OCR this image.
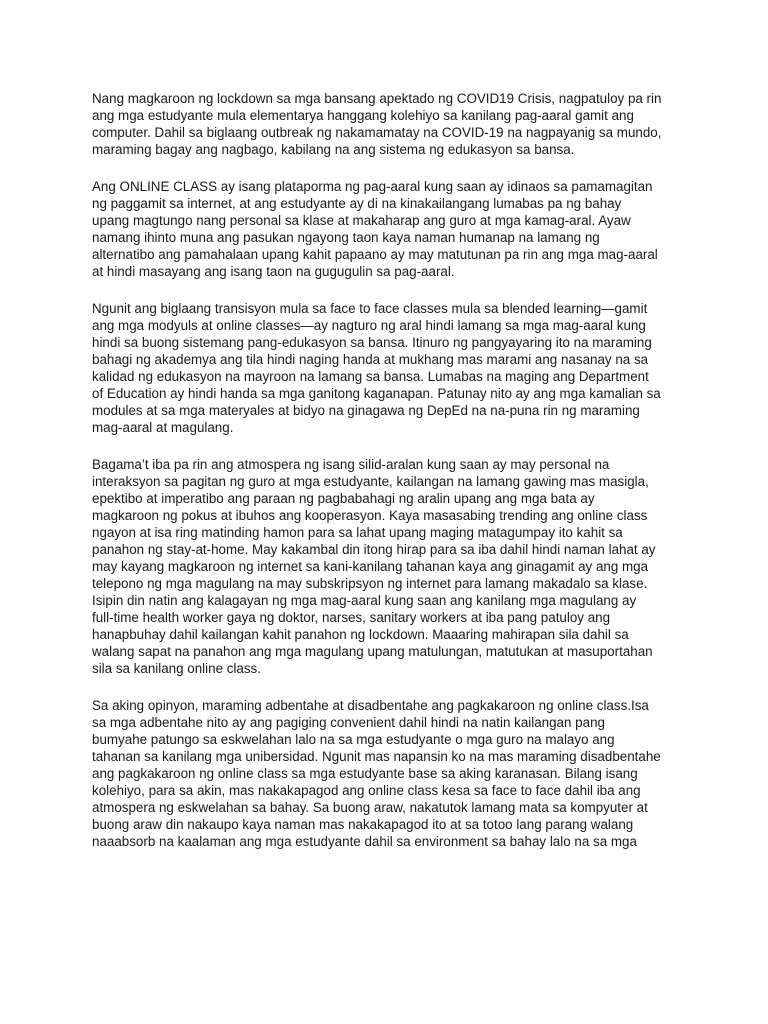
Nang magkaroon ng lockdown sa mga bansang apektado ng COVID19 Crisis, nagpatuloy pa rin
ang mga estudyante mula elementarya hanggang kolehiyo sa kanilang pag-aaral gamit ang
computer. Dahil sa biglaang outbreak ng nakamamatay na COVID-19 na nagpayanig sa mundo,
maraming bagay ang nagbago, kabilang na ang sistema ng edukasyon sa bansa.
Ang ONLINE CLASS ay isang plataporma ng pag-aaral kung saan ay idinaos sa pamamagitan
ng paggamit sa internet, at ang estudyante ay di na kinakailangang lumabas pa ng bahay
upang magtungo nang personal sa klase at makaharap ang guro at mga kamag-aral. Ayaw
namang ihinto muna ang pasukan ngayong taon kaya naman humanap na lamang ng
alternatibo ang pamahalaan upang kahit papaano ay may matutunan pa rin ang mga mag-aaral
at hindi masayang ang isang taon na gugugulin sa pag-aaral.
Ngunit ang biglaang transisyon mula sa face to face classes mula sa blended learning—gamit
ang mga modyuls at online classes—ay nagturo ng aral hindi lamang sa mga mag-aaral kung
hindi sa buong sistemang pang-edukasyon sa bansa. Itinuro ng pangyayaring ito na maraming
bahagi ng akademya ang tila hindi naging handa at mukhang mas marami ang nasanay na sa
kalidad ng edukasyon na mayroon na lamang sa bansa. Lumabas na maging ang Department
of Education ay hindi handa sa mga ganitong kaganapan. Patunay nito ay ang mga kamalian sa
modules at sa mga materyales at bidyo na ginagawa ng DepEd na na-puna rin ng maraming
mag-aaral at magulang.
Bagama’t iba pa rin ang atmospera ng isang silid-aralan kung saan ay may personal na
interaksyon sa pagitan ng guro at mga estudyante, kailangan na lamang gawing mas masigla,
epektibo at imperatibo ang paraan ng pagbabahagi ng aralin upang ang mga bata ay
magkaroon ng pokus at ibuhos ang kooperasyon. Kaya masasabing trending ang online class
ngayon at isa ring matinding hamon para sa lahat upang maging matagumpay ito kahit sa
panahon ng stay-at-home. May kakambal din itong hirap para sa iba dahil hindi naman lahat ay
may kayang magkaroon ng internet sa kani-kanilang tahanan kaya ang ginagamit ay ang mga
telepono ng mga magulang na may subskripsyon ng internet para lamang makadalo sa klase.
Isipin din natin ang kalagayan ng mga mag-aaral kung saan ang kanilang mga magulang ay
full-time health worker gaya ng doktor, narses, sanitary workers at iba pang patuloy ang
hanapbuhay dahil kailangan kahit panahon ng lockdown. Maaaring mahirapan sila dahil sa
walang sapat na panahon ang mga magulang upang matulungan, matutukan at masuportahan
sila sa kanilang online class.
Sa aking opinyon, maraming adbentahe at disadbentahe ang pagkakaroon ng online class.Isa
sa mga adbentahe nito ay ang pagiging convenient dahil hindi na natin kailangan pang
bumyahe patungo sa eskwelahan lalo na sa mga estudyante o mga guro na malayo ang
tahanan sa kanilang mga unibersidad. Ngunit mas napansin ko na mas maraming disadbentahe
ang pagkakaroon ng online class sa mga estudyante base sa aking karanasan. Bilang isang
kolehiyo, para sa akin, mas nakakapagod ang online class kesa sa face to face dahil iba ang
atmospera ng eskwelahan sa bahay. Sa buong araw, nakatutok lamang mata sa kompyuter at
buong araw din nakaupo kaya naman mas nakakapagod ito at sa totoo lang parang walang
naaabsorb na kaalaman ang mga estudyante dahil sa environment sa bahay lalo na sa mga
